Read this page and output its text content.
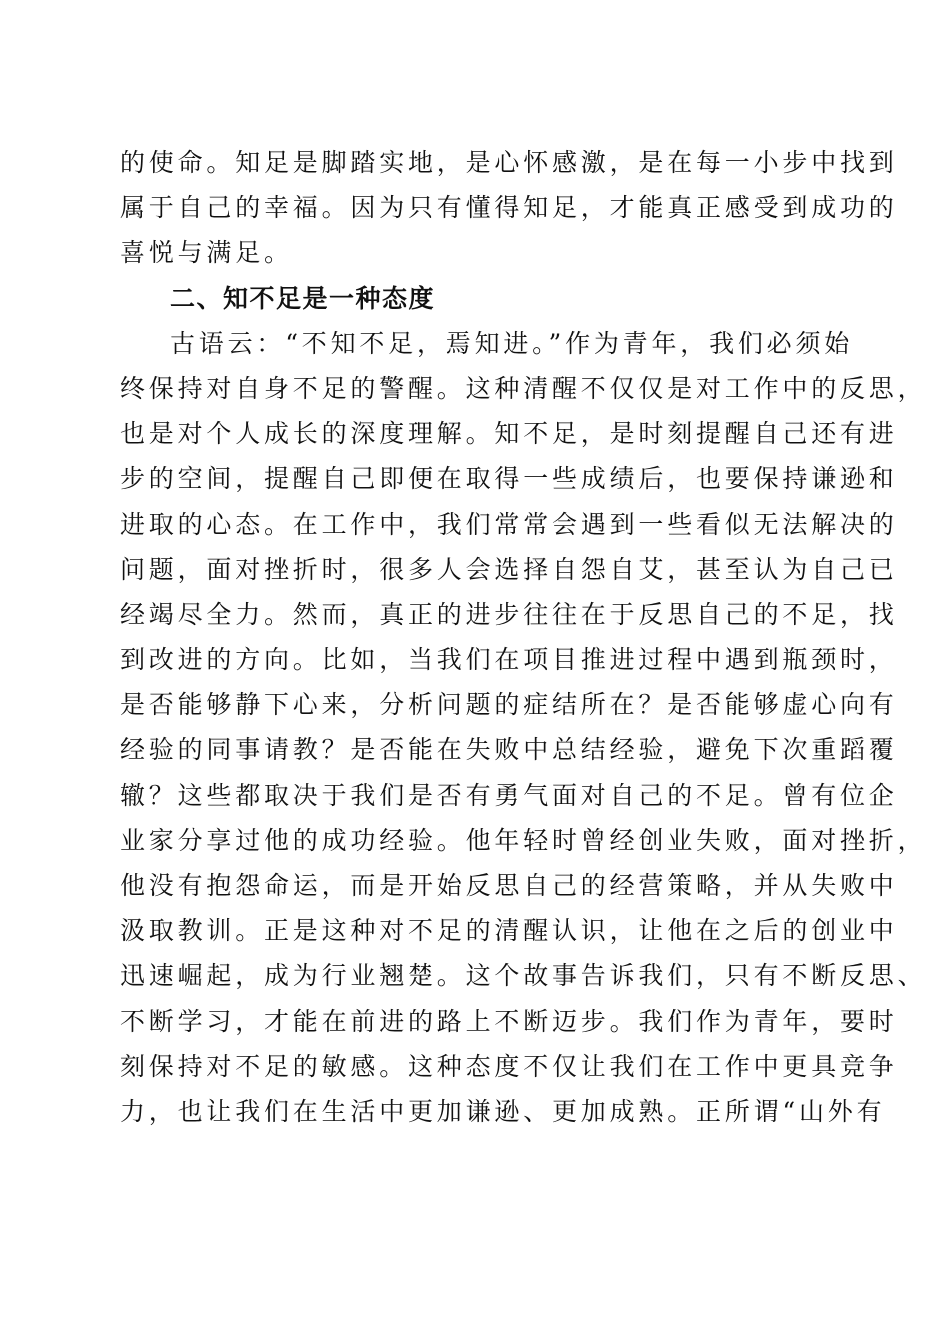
的使命。知足是脚踏实地，是心怀感激，是在每一小步中找到
属于自己的幸福。因为只有懂得知足，才能真正感受到成功的
喜悦与满足。
二、知不足是一种态度
古语云：“不知不足，焉知进。”作为青年，我们必须始
终保持对自身不足的警醒。这种清醒不仅仅是对工作中的反思，
也是对个人成长的深度理解。知不足，是时刻提醒自己还有进
步的空间，提醒自己即便在取得一些成绩后，也要保持谦逊和
进取的心态。在工作中，我们常常会遇到一些看似无法解决的
问题，面对挫折时，很多人会选择自怨自艾，甚至认为自己已
经竭尽全力。然而，真正的进步往往在于反思自己的不足，找
到改进的方向。比如，当我们在项目推进过程中遇到瓶颈时，
是否能够静下心来，分析问题的症结所在？是否能够虚心向有
经验的同事请教？是否能在失败中总结经验，避免下次重蹈覆
辙？这些都取决于我们是否有勇气面对自己的不足。曾有位企
业家分享过他的成功经验。他年轻时曾经创业失败，面对挫折，
他没有抱怨命运，而是开始反思自己的经营策略，并从失败中
汲取教训。正是这种对不足的清醒认识，让他在之后的创业中
迅速崛起，成为行业翘楚。这个故事告诉我们，只有不断反思、
不断学习，才能在前进的路上不断迈步。我们作为青年，要时
刻保持对不足的敏感。这种态度不仅让我们在工作中更具竞争
力，也让我们在生活中更加谦逊、更加成熟。正所谓“山外有
